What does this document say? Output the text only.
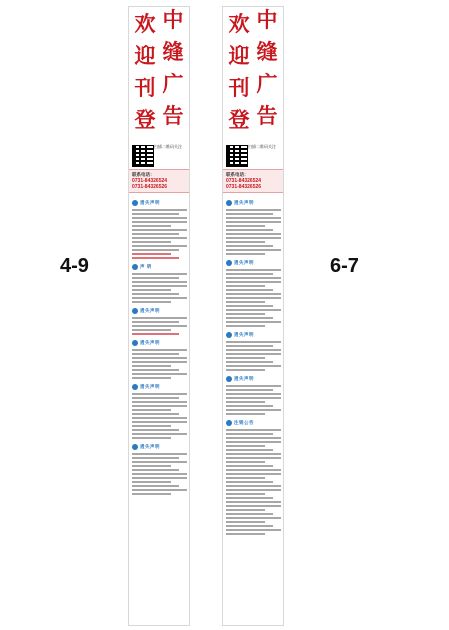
4-9	6-7
欢
迎
刊
登
中
缝
广
告
扫描二维码关注
联系电话：
0731-84326524
0731-84326526
遗失声明
声 明
遗失声明
遗失声明
遗失声明
遗失声明
欢
迎
刊
登
中
缝
广
告
扫描二维码关注
联系电话：
0731-84326524
0731-84326526
遗失声明
遗失声明
遗失声明
遗失声明
注销公告
